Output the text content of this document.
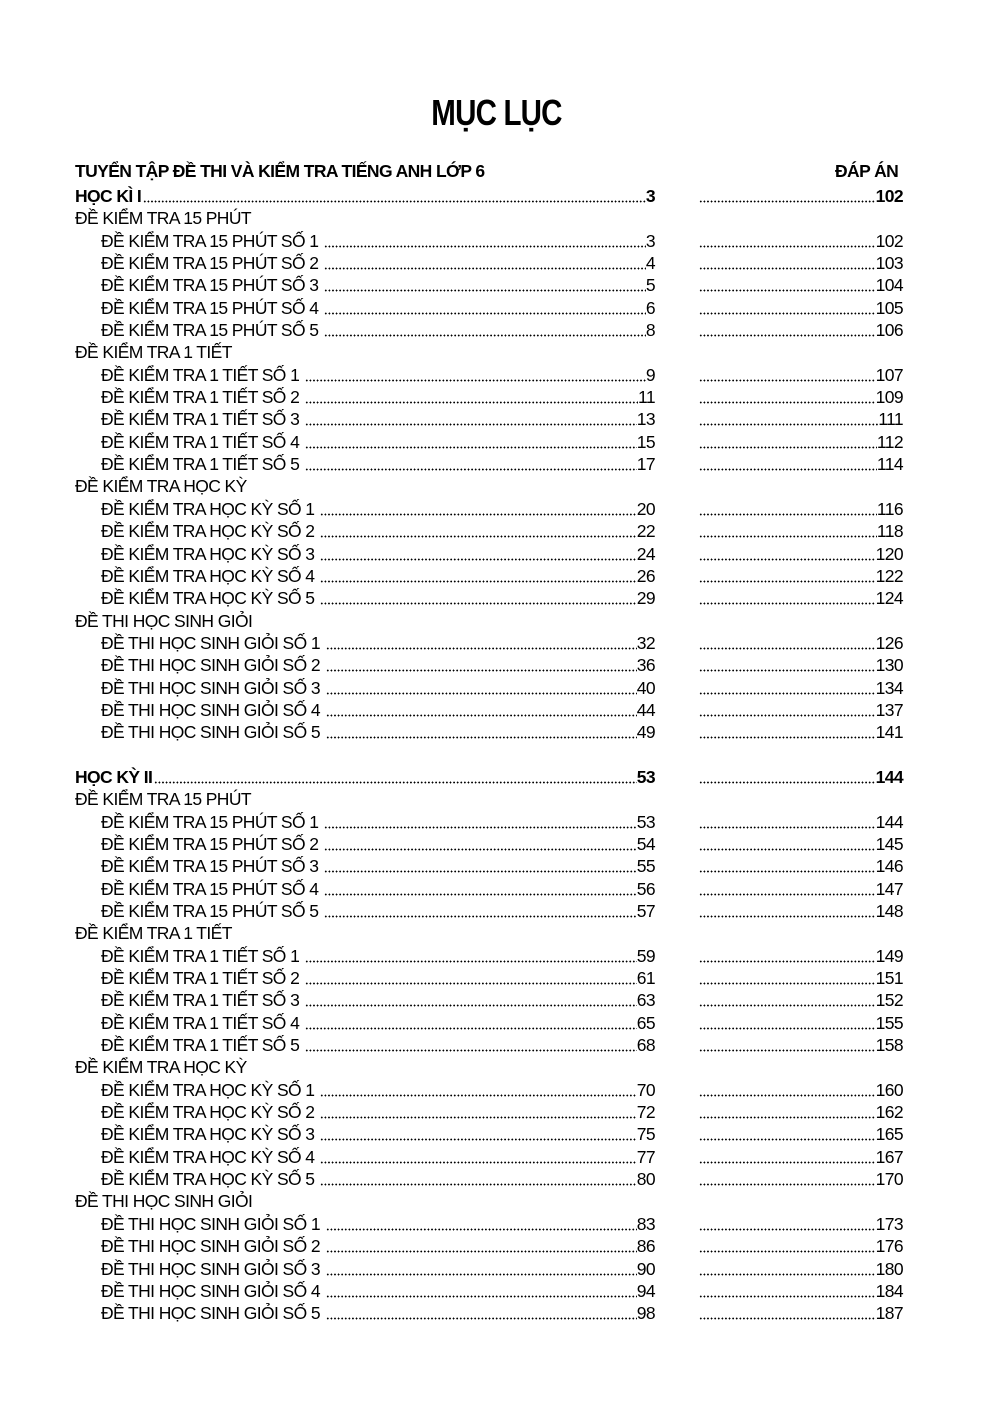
MỤC LỤC
TUYỂN TẬP ĐỀ THI VÀ KIỂM TRA TIẾNG ANH LỚP 6	ĐÁP ÁN
HỌC KÌ I	3	102
ĐỀ KIỂM TRA 15 PHÚT
ĐỀ KIỂM TRA 15 PHÚT SỐ 1	3	102
ĐỀ KIỂM TRA 15 PHÚT SỐ 2	4	103
ĐỀ KIỂM TRA 15 PHÚT SỐ 3	5	104
ĐỀ KIỂM TRA 15 PHÚT SỐ 4	6	105
ĐỀ KIỂM TRA 15 PHÚT SỐ 5	8	106
ĐỀ KIỂM TRA 1 TIẾT
ĐỀ KIỂM TRA 1 TIẾT SỐ 1	9	107
ĐỀ KIỂM TRA 1 TIẾT SỐ 2	11	109
ĐỀ KIỂM TRA 1 TIẾT SỐ 3	13	111
ĐỀ KIỂM TRA 1 TIẾT SỐ 4	15	112
ĐỀ KIỂM TRA 1 TIẾT SỐ 5	17	114
ĐỀ KIỂM TRA HỌC KỲ
ĐỀ KIỂM TRA HỌC KỲ SỐ 1	20	116
ĐỀ KIỂM TRA HỌC KỲ SỐ 2	22	118
ĐỀ KIỂM TRA HỌC KỲ SỐ 3	24	120
ĐỀ KIỂM TRA HỌC KỲ SỐ 4	26	122
ĐỀ KIỂM TRA HỌC KỲ SỐ 5	29	124
ĐỀ THI HỌC SINH GIỎI
ĐỀ THI HỌC SINH GIỎI SỐ 1	32	126
ĐỀ THI HỌC SINH GIỎI SỐ 2	36	130
ĐỀ THI HỌC SINH GIỎI SỐ 3	40	134
ĐỀ THI HỌC SINH GIỎI SỐ 4	44	137
ĐỀ THI HỌC SINH GIỎI SỐ 5	49	141
HỌC KỲ II	53	144
ĐỀ KIỂM TRA 15 PHÚT
ĐỀ KIỂM TRA 15 PHÚT SỐ 1	53	144
ĐỀ KIỂM TRA 15 PHÚT SỐ 2	54	145
ĐỀ KIỂM TRA 15 PHÚT SỐ 3	55	146
ĐỀ KIỂM TRA 15 PHÚT SỐ 4	56	147
ĐỀ KIỂM TRA 15 PHÚT SỐ 5	57	148
ĐỀ KIỂM TRA 1 TIẾT
ĐỀ KIỂM TRA 1 TIẾT SỐ 1	59	149
ĐỀ KIỂM TRA 1 TIẾT SỐ 2	61	151
ĐỀ KIỂM TRA 1 TIẾT SỐ 3	63	152
ĐỀ KIỂM TRA 1 TIẾT SỐ 4	65	155
ĐỀ KIỂM TRA 1 TIẾT SỐ 5	68	158
ĐỀ KIỂM TRA HỌC KỲ
ĐỀ KIỂM TRA HỌC KỲ SỐ 1	70	160
ĐỀ KIỂM TRA HỌC KỲ SỐ 2	72	162
ĐỀ KIỂM TRA HỌC KỲ SỐ 3	75	165
ĐỀ KIỂM TRA HỌC KỲ SỐ 4	77	167
ĐỀ KIỂM TRA HỌC KỲ SỐ 5	80	170
ĐỀ THI HỌC SINH GIỎI
ĐỀ THI HỌC SINH GIỎI SỐ 1	83	173
ĐỀ THI HỌC SINH GIỎI SỐ 2	86	176
ĐỀ THI HỌC SINH GIỎI SỐ 3	90	180
ĐỀ THI HỌC SINH GIỎI SỐ 4	94	184
ĐỀ THI HỌC SINH GIỎI SỐ 5	98	187
